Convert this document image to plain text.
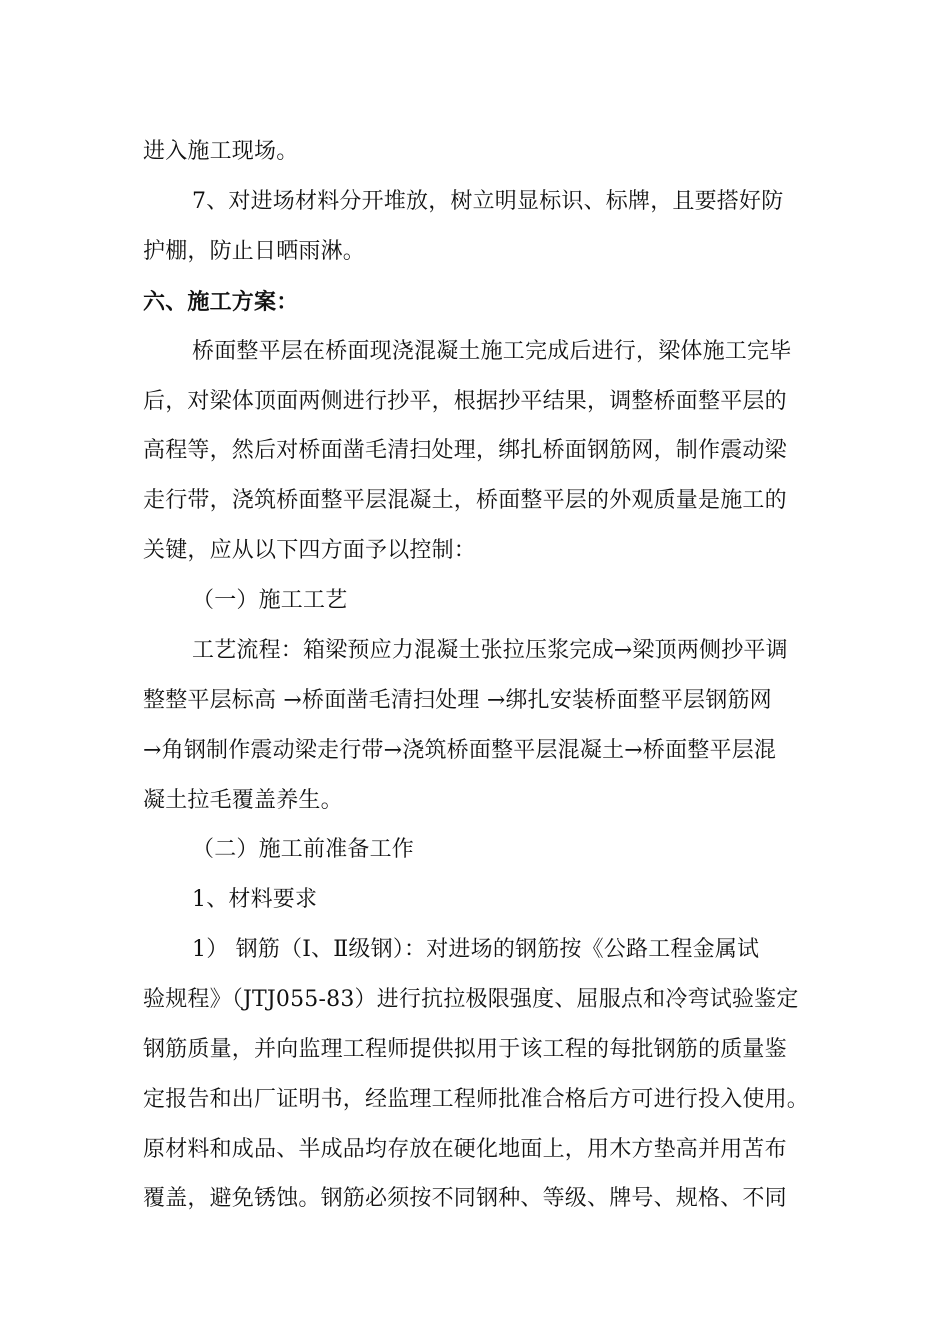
进入施工现场。
7、对进场材料分开堆放，树立明显标识、标牌，且要搭好防
护棚，防止日晒雨淋。
六、施工方案：
桥面整平层在桥面现浇混凝土施工完成后进行，梁体施工完毕
后，对梁体顶面两侧进行抄平，根据抄平结果，调整桥面整平层的
高程等，然后对桥面凿毛清扫处理，绑扎桥面钢筋网，制作震动梁
走行带，浇筑桥面整平层混凝土，桥面整平层的外观质量是施工的
关键，应从以下四方面予以控制：
（一）施工工艺
工艺流程：箱梁预应力混凝土张拉压浆完成→梁顶两侧抄平调
整整平层标高 →桥面凿毛清扫处理 →绑扎安装桥面整平层钢筋网
→角钢制作震动梁走行带→浇筑桥面整平层混凝土→桥面整平层混
凝土拉毛覆盖养生。
（二）施工前准备工作
1、材料要求
1） 钢筋（Ⅰ、Ⅱ级钢）：对进场的钢筋按《公路工程金属试
验规程》（JTJ055-83）进行抗拉极限强度、屈服点和冷弯试验鉴定
钢筋质量，并向监理工程师提供拟用于该工程的每批钢筋的质量鉴
定报告和出厂证明书，经监理工程师批准合格后方可进行投入使用。
原材料和成品、半成品均存放在硬化地面上，用木方垫高并用苫布
覆盖，避免锈蚀。钢筋必须按不同钢种、等级、牌号、规格、不同
